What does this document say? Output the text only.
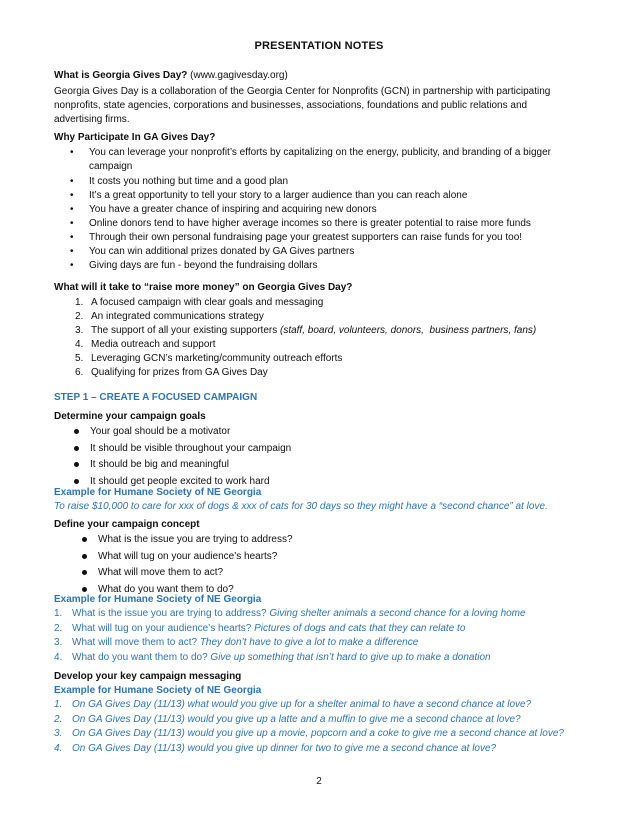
PRESENTATION NOTES
What is Georgia Gives Day? (www.gagivesday.org)
Georgia Gives Day is a collaboration of the Georgia Center for Nonprofits (GCN) in partnership with participating
nonprofits, state agencies, corporations and businesses, associations, foundations and public relations and
advertising firms.
Why Participate In GA Gives Day?
• You can leverage your nonprofit’s efforts by capitalizing on the energy, publicity, and branding of a bigger
campaign
• It costs you nothing but time and a good plan
• It’s a great opportunity to tell your story to a larger audience than you can reach alone
• You have a greater chance of inspiring and acquiring new donors
• Online donors tend to have higher average incomes so there is greater potential to raise more funds
• Through their own personal fundraising page your greatest supporters can raise funds for you too!
• You can win additional prizes donated by GA Gives partners
• Giving days are fun - beyond the fundraising dollars
What will it take to “raise more money” on Georgia Gives Day?
1. A focused campaign with clear goals and messaging
2. An integrated communications strategy
3. The support of all your existing supporters (staff, board, volunteers, donors,  business partners, fans)
4. Media outreach and support
5. Leveraging GCN’s marketing/community outreach efforts
6. Qualifying for prizes from GA Gives Day
STEP 1 – CREATE A FOCUSED CAMPAIGN
Determine your campaign goals
Your goal should be a motivator
It should be visible throughout your campaign
It should be big and meaningful
It should get people excited to work hard
Example for Humane Society of NE Georgia
To raise $10,000 to care for xxx of dogs & xxx of cats for 30 days so they might have a “second chance” at love.
Define your campaign concept
What is the issue you are trying to address?
What will tug on your audience’s hearts?
What will move them to act?
What do you want them to do?
Example for Humane Society of NE Georgia
1. What is the issue you are trying to address? Giving shelter animals a second chance for a loving home
2. What will tug on your audience’s hearts? Pictures of dogs and cats that they can relate to
3. What will move them to act? They don’t have to give a lot to make a difference
4. What do you want them to do? Give up something that isn’t hard to give up to make a donation
Develop your key campaign messaging
Example for Humane Society of NE Georgia
1. On GA Gives Day (11/13) what would you give up for a shelter animal to have a second chance at love?
2. On GA Gives Day (11/13) would you give up a latte and a muffin to give me a second chance at love?
3. On GA Gives Day (11/13) would you give up a movie, popcorn and a coke to give me a second chance at love?
4. On GA Gives Day (11/13) would you give up dinner for two to give me a second chance at love?
2
